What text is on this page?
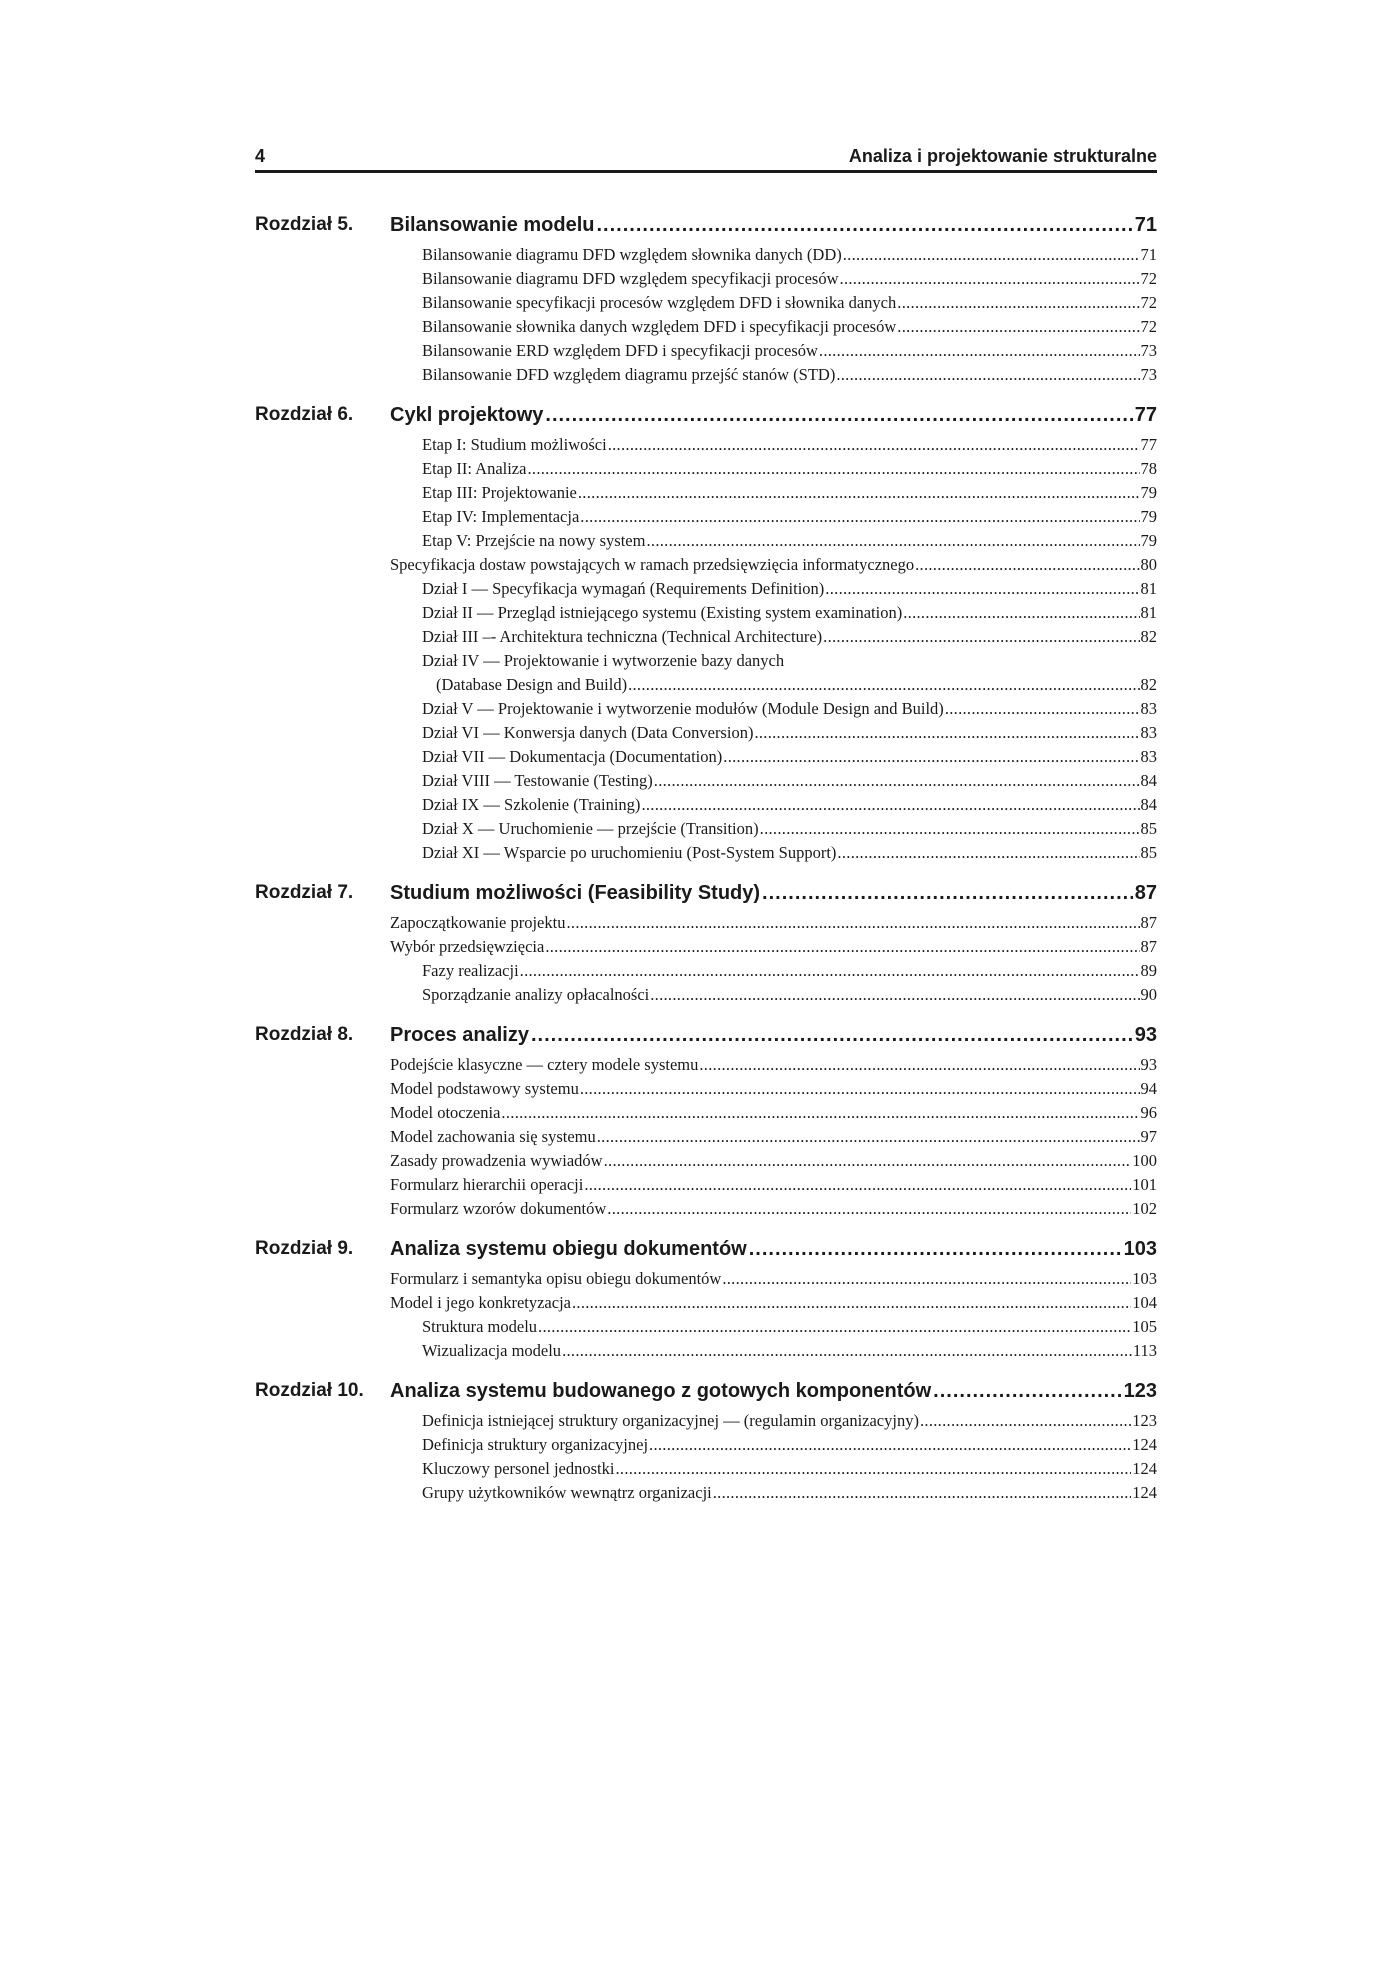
4	Analiza i projektowanie strukturalne
Rozdział 5. Bilansowanie modelu .....	71
Bilansowanie diagramu DFD względem słownika danych (DD) .....	71
Bilansowanie diagramu DFD względem specyfikacji procesów .....	72
Bilansowanie specyfikacji procesów względem DFD i słownika danych .....	72
Bilansowanie słownika danych względem DFD i specyfikacji procesów .....	72
Bilansowanie ERD względem DFD i specyfikacji procesów .....	73
Bilansowanie DFD względem diagramu przejść stanów (STD) .....	73
Rozdział 6. Cykl projektowy .....	77
Etap I: Studium możliwości .....	77
Etap II: Analiza .....	78
Etap III: Projektowanie .....	79
Etap IV: Implementacja .....	79
Etap V: Przejście na nowy system .....	79
Specyfikacja dostaw powstających w ramach przedsięwzięcia informatycznego .....	80
Dział I — Specyfikacja wymagań (Requirements Definition) .....	81
Dział II — Przegląd istniejącego systemu (Existing system examination) .....	81
Dział III –- Architektura techniczna (Technical Architecture) .....	82
Dział IV — Projektowanie i wytworzenie bazy danych
(Database Design and Build) .....	82
Dział V — Projektowanie i wytworzenie modułów (Module Design and Build) .....	83
Dział VI — Konwersja danych (Data Conversion) .....	83
Dział VII — Dokumentacja (Documentation) .....	83
Dział VIII — Testowanie (Testing) .....	84
Dział IX — Szkolenie (Training) .....	84
Dział X — Uruchomienie — przejście (Transition) .....	85
Dział XI — Wsparcie po uruchomieniu (Post-System Support) .....	85
Rozdział 7. Studium możliwości (Feasibility Study) .....	87
Zapoczątkowanie projektu .....	87
Wybór przedsięwzięcia .....	87
Fazy realizacji .....	89
Sporządzanie analizy opłacalności .....	90
Rozdział 8. Proces analizy .....	93
Podejście klasyczne — cztery modele systemu .....	93
Model podstawowy systemu .....	94
Model otoczenia .....	96
Model zachowania się systemu .....	97
Zasady prowadzenia wywiadów .....	100
Formularz hierarchii operacji .....	101
Formularz wzorów dokumentów .....	102
Rozdział 9. Analiza systemu obiegu dokumentów .....	103
Formularz i semantyka opisu obiegu dokumentów .....	103
Model i jego konkretyzacja .....	104
Struktura modelu .....	105
Wizualizacja modelu .....	113
Rozdział 10. Analiza systemu budowanego z gotowych komponentów .....	123
Definicja istniejącej struktury organizacyjnej — (regulamin organizacyjny) .....	123
Definicja struktury organizacyjnej .....	124
Kluczowy personel jednostki .....	124
Grupy użytkowników wewnątrz organizacji .....	124
